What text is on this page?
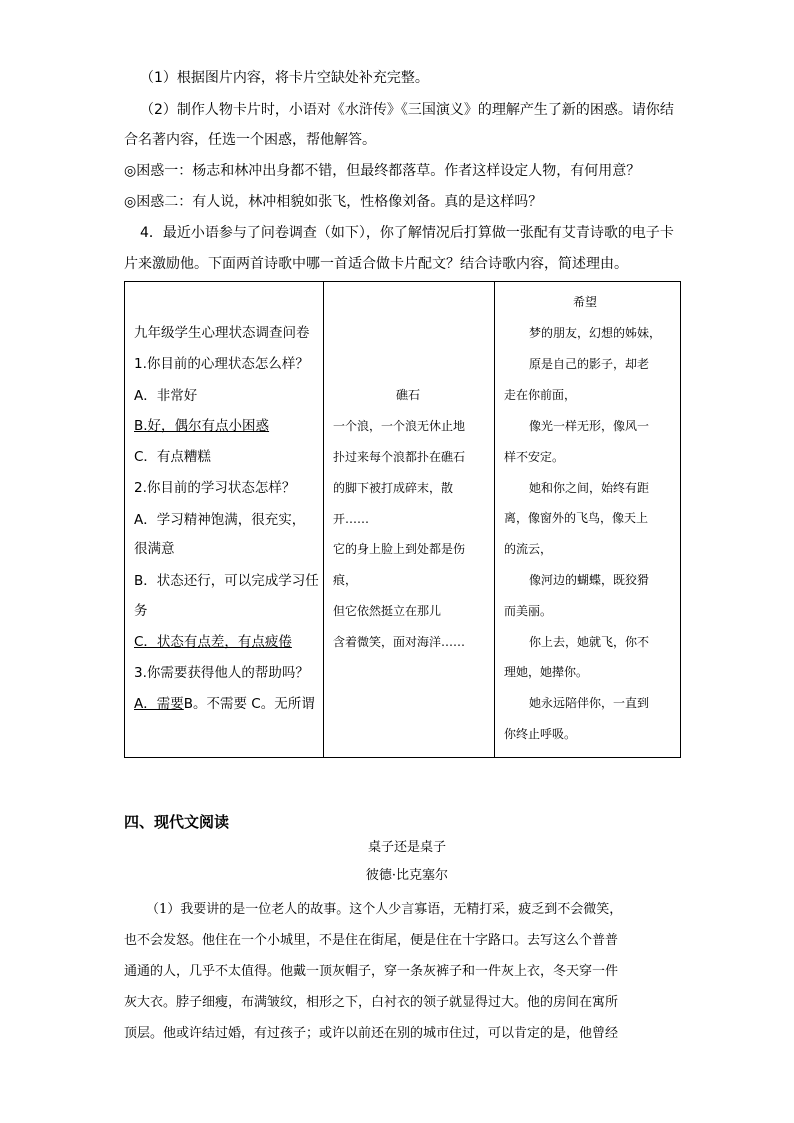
（1）根据图片内容，将卡片空缺处补充完整。
（2）制作人物卡片时，小语对《水浒传》《三国演义》的理解产生了新的困惑。请你结
合名著内容，任选一个困惑，帮他解答。
◎困惑一：杨志和林冲出身都不错，但最终都落草。作者这样设定人物，有何用意？
◎困惑二：有人说，林冲相貌如张飞，性格像刘备。真的是这样吗？
4．最近小语参与了问卷调查（如下），你了解情况后打算做一张配有艾青诗歌的电子卡
片来激励他。下面两首诗歌中哪一首适合做卡片配文？结合诗歌内容，简述理由。
九年级学生心理状态调查问卷
1.你目前的心理状态怎么样？
A．非常好
B.好，偶尔有点小困惑
C．有点糟糕
2.你目前的学习状态怎样？
A．学习精神饱满，很充实，
很满意
B．状态还行，可以完成学习任
务
C．状态有点差，有点疲倦
3.你需要获得他人的帮助吗？
A．需要B。不需要 C。无所谓

礁石
一个浪，一个浪无休止地
扑过来每个浪都扑在礁石
的脚下被打成碎末，散
开……
它的身上脸上到处都是伤
痕，
但它依然挺立在那儿
含着微笑，面对海洋……

希望
梦的朋友，幻想的姊妹，
原是自己的影子，却老
走在你前面，
像光一样无形，像风一
样不安定。
她和你之间，始终有距
离，像窗外的飞鸟，像天上
的流云，
像河边的蝴蝶，既狡猾
而美丽。
你上去，她就飞，你不
理她，她撵你。
她永远陪伴你，一直到
你终止呼吸。
四、现代文阅读
桌子还是桌子
彼德·比克塞尔
（1）我要讲的是一位老人的故事。这个人少言寡语，无精打采，疲乏到不会微笑，
也不会发怒。他住在一个小城里，不是住在街尾，便是住在十字路口。去写这么个普普
通通的人，几乎不太值得。他戴一顶灰帽子，穿一条灰裤子和一件灰上衣，冬天穿一件
灰大衣。脖子细瘦，布满皱纹，相形之下，白衬衣的领子就显得过大。他的房间在寓所
顶层。他或许结过婚，有过孩子；或许以前还在别的城市住过，可以肯定的是，他曾经
